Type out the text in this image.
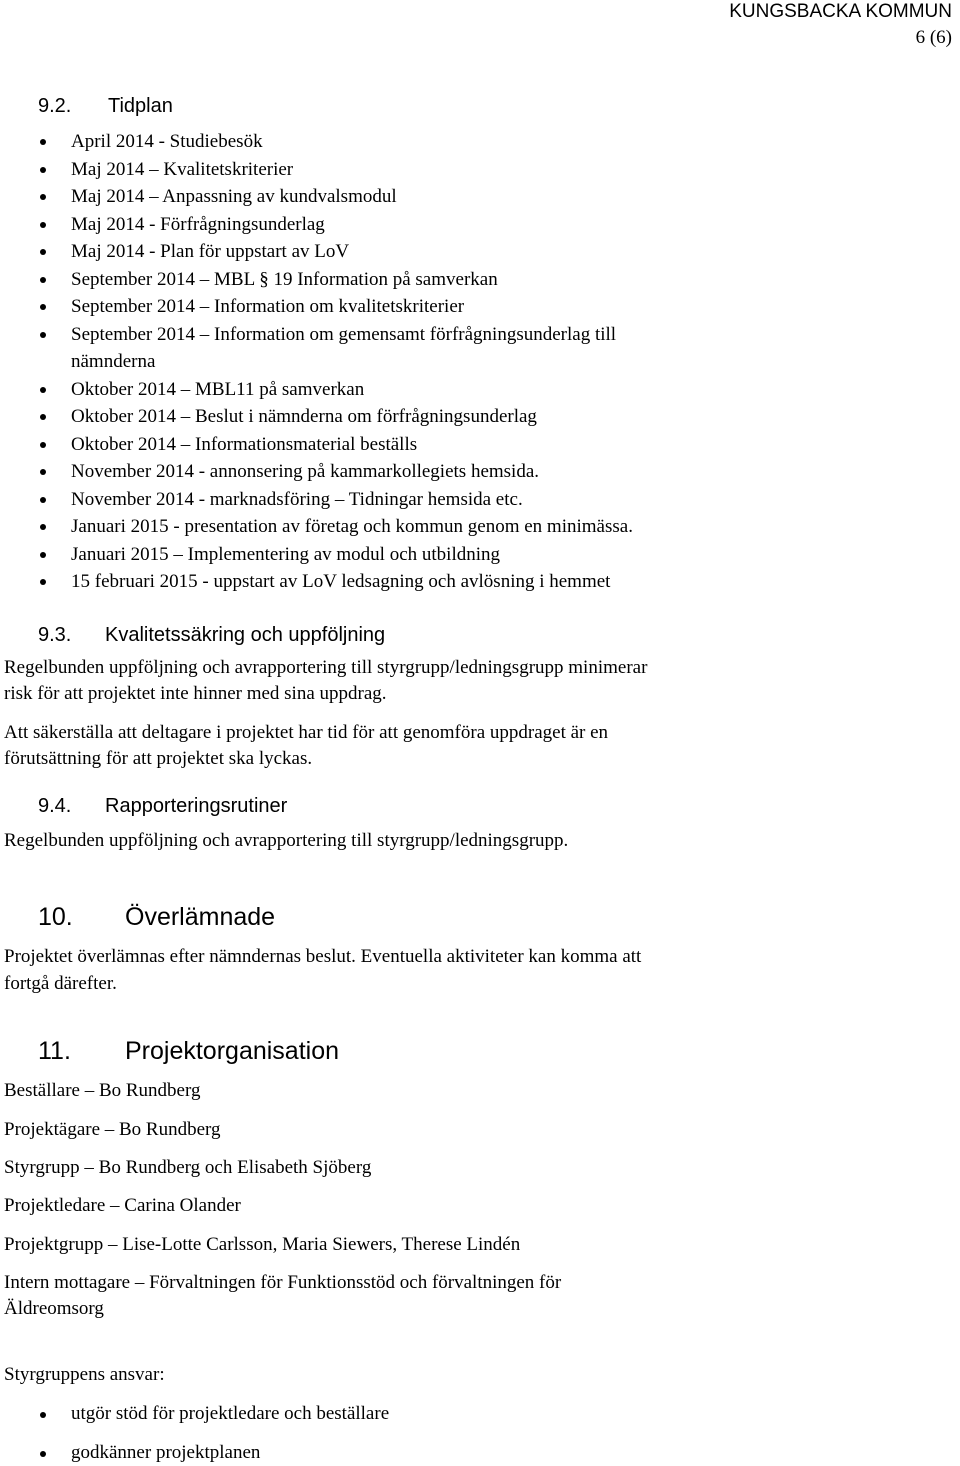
KUNGSBACKA KOMMUN
6 (6)
9.2. Tidplan
April 2014 - Studiebesök
Maj 2014 – Kvalitetskriterier
Maj 2014 – Anpassning av kundvalsmodul
Maj 2014 - Förfrågningsunderlag
Maj 2014 - Plan för uppstart av LoV
September 2014 – MBL § 19 Information på samverkan
September 2014 – Information om kvalitetskriterier
September 2014 – Information om gemensamt förfrågningsunderlag till
nämnderna
Oktober 2014 – MBL11 på samverkan
Oktober 2014 – Beslut i nämnderna om förfrågningsunderlag
Oktober 2014 – Informationsmaterial beställs
November 2014 - annonsering på kammarkollegiets hemsida.
November 2014 - marknadsföring – Tidningar hemsida etc.
Januari 2015 - presentation av företag och kommun genom en minimässa.
Januari 2015 – Implementering av modul och utbildning
15 februari 2015 - uppstart av LoV ledsagning och avlösning i hemmet
9.3. Kvalitetssäkring och uppföljning
Regelbunden uppföljning och avrapportering till styrgrupp/ledningsgrupp minimerar
risk för att projektet inte hinner med sina uppdrag.
Att säkerställa att deltagare i projektet har tid för att genomföra uppdraget är en
förutsättning för att projektet ska lyckas.
9.4. Rapporteringsrutiner
Regelbunden uppföljning och avrapportering till styrgrupp/ledningsgrupp.
10. Överlämnade
Projektet överlämnas efter nämndernas beslut. Eventuella aktiviteter kan komma att
fortgå därefter.
11. Projektorganisation
Beställare – Bo Rundberg
Projektägare – Bo Rundberg
Styrgrupp – Bo Rundberg och Elisabeth Sjöberg
Projektledare – Carina Olander
Projektgrupp – Lise-Lotte Carlsson, Maria Siewers, Therese Lindén
Intern mottagare – Förvaltningen för Funktionsstöd och förvaltningen för
Äldreomsorg
Styrgruppens ansvar:
utgör stöd för projektledare och beställare
godkänner projektplanen
